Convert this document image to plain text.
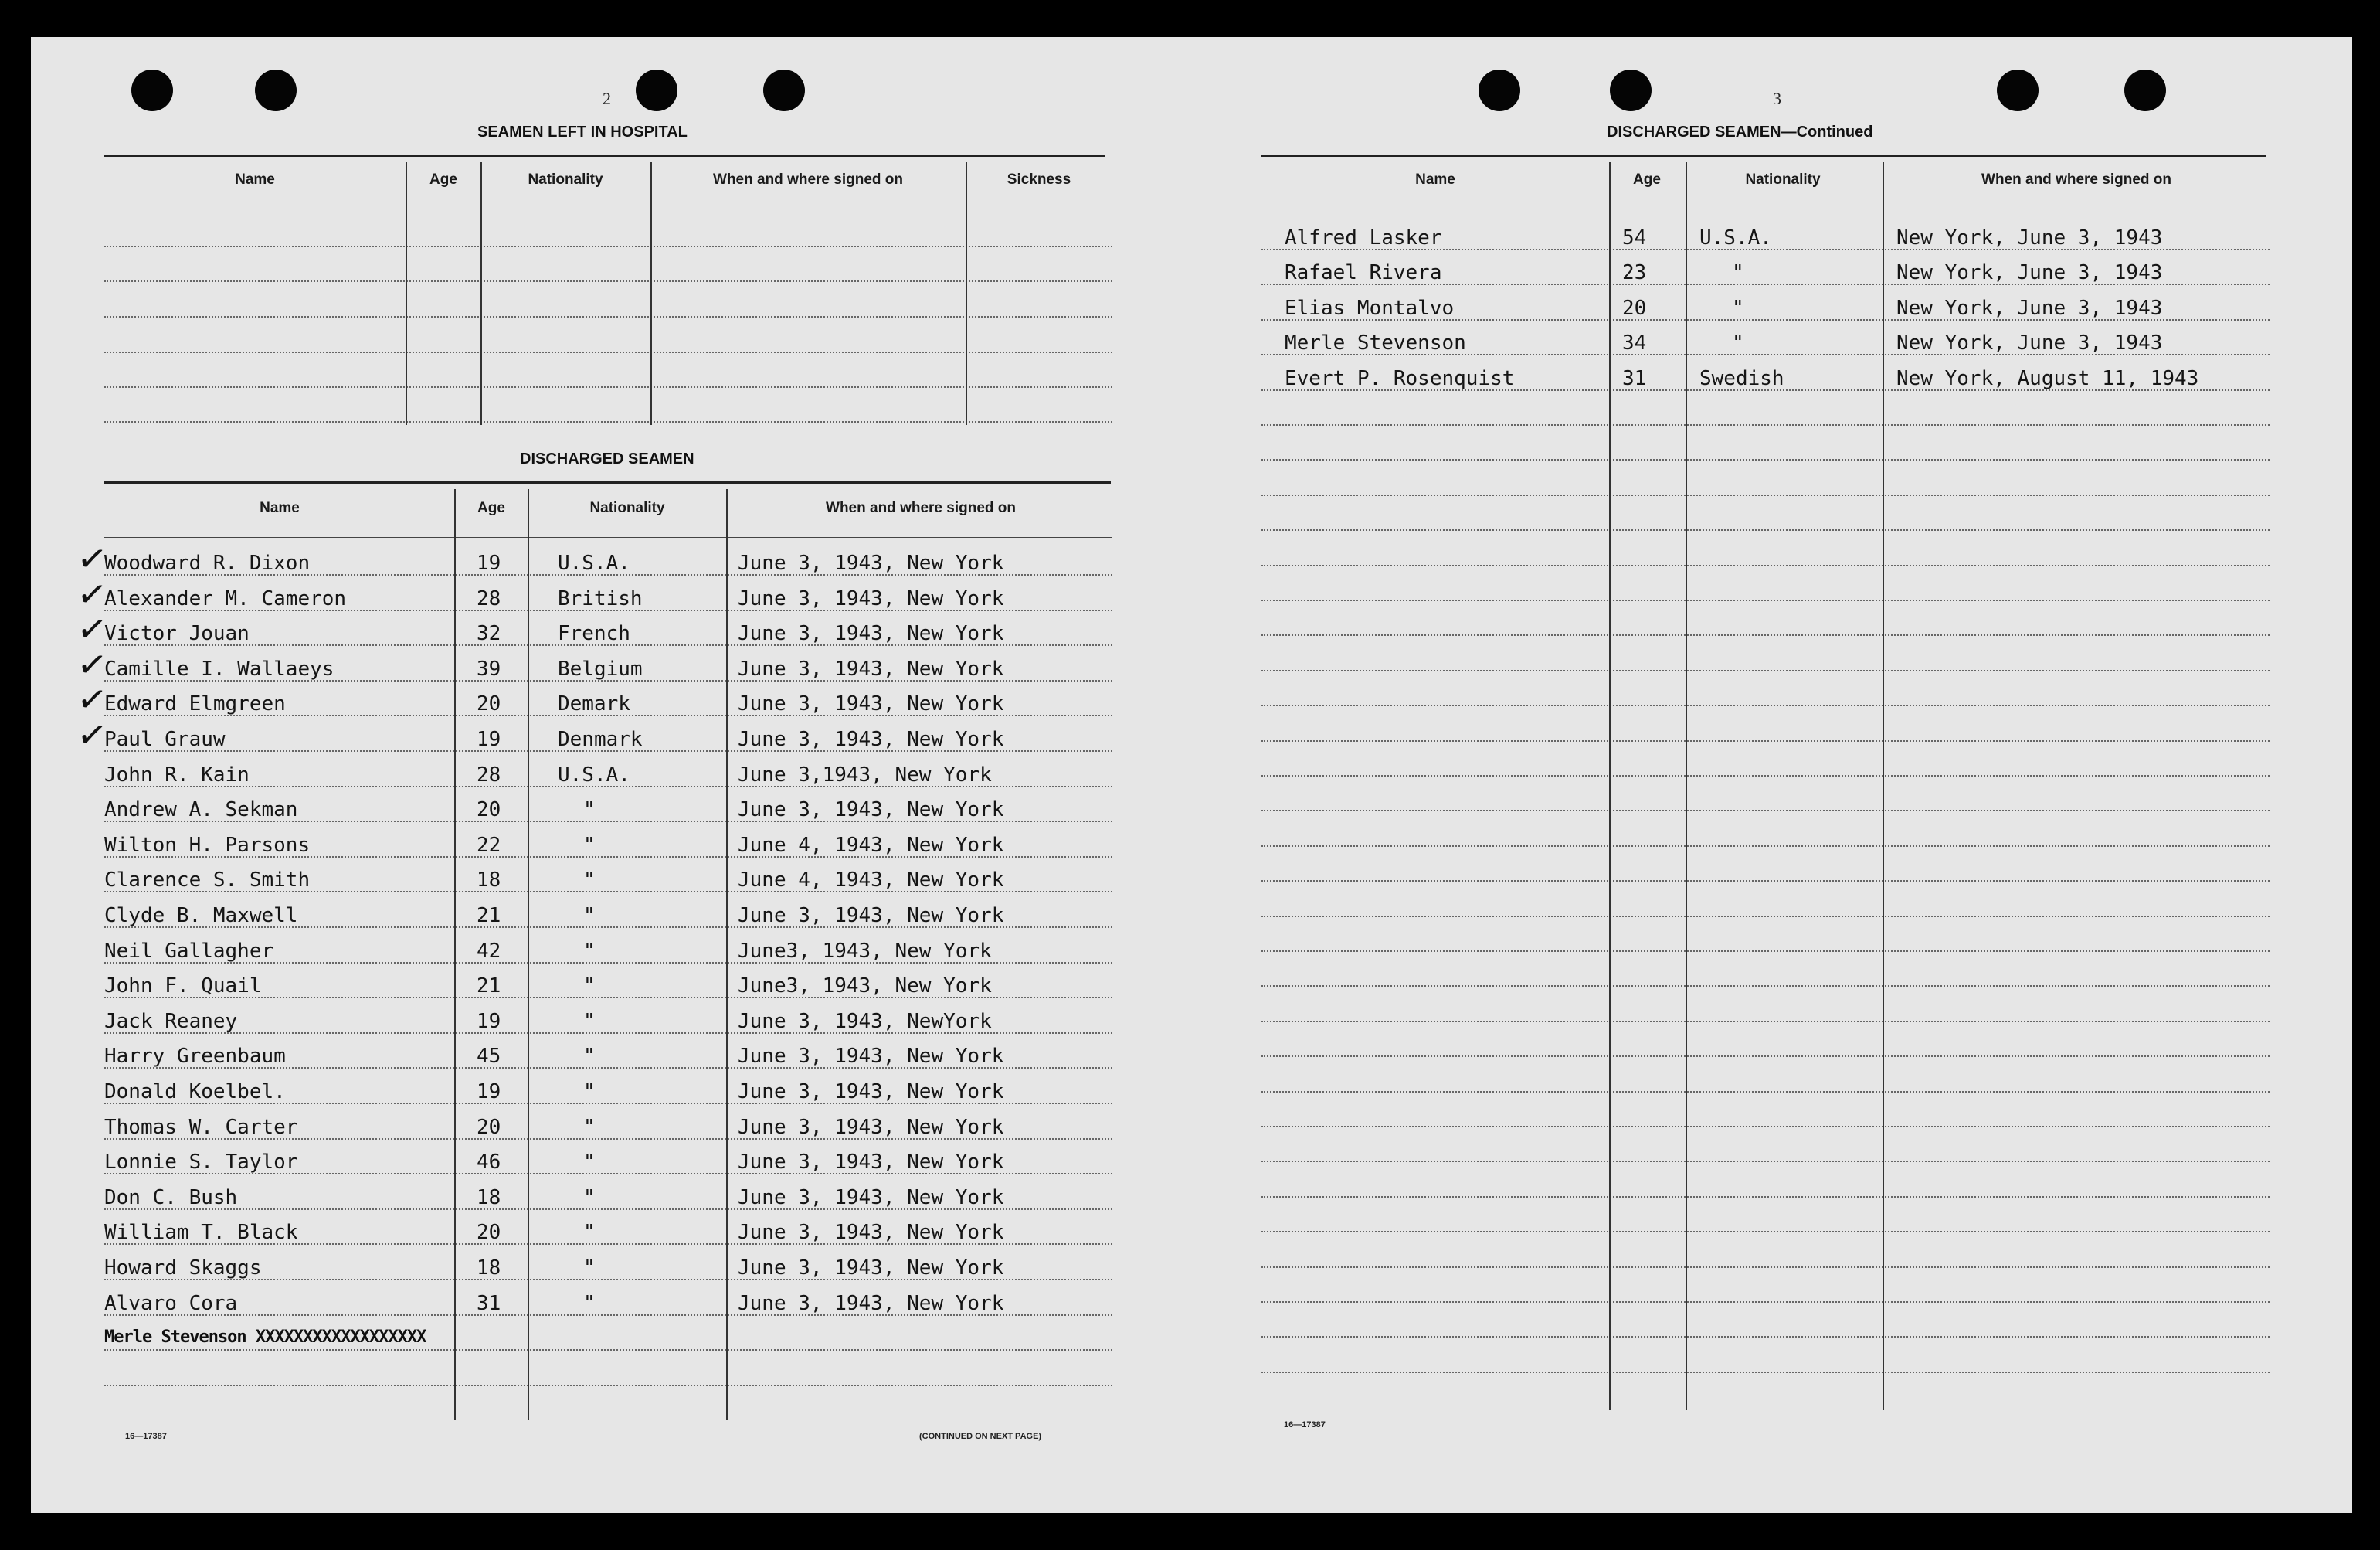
2
SEAMEN LEFT IN HOSPITAL
Name	Age	Nationality	When and where signed on	Sickness
DISCHARGED SEAMEN
Name	Age	Nationality	When and where signed on
Woodward R. Dixon	19	U.S.A.	June 3, 1943, New York
✓
Alexander M. Cameron	28	British	June 3, 1943, New York
✓
Victor Jouan	32	French	June 3, 1943, New York
✓
Camille I. Wallaeys	39	Belgium	June 3, 1943, New York
✓
Edward Elmgreen	20	Demark	June 3, 1943, New York
✓
Paul Grauw	19	Denmark	June 3, 1943, New York
✓
John R. Kain	28	U.S.A.	June 3,1943, New York
Andrew A. Sekman	20	"	June 3, 1943, New York
Wilton H. Parsons	22	"	June 4, 1943, New York
Clarence S. Smith	18	"	June 4, 1943, New York
Clyde B. Maxwell	21	"	June 3, 1943, New York
Neil Gallagher	42	"	June3, 1943, New York
John F. Quail	21	"	June3, 1943, New York
Jack Reaney	19	"	June 3, 1943, NewYork
Harry Greenbaum	45	"	June 3, 1943, New York
Donald Koelbel.	19	"	June 3, 1943, New York
Thomas W. Carter	20	"	June 3, 1943, New York
Lonnie S. Taylor	46	"	June 3, 1943, New York
Don C. Bush	18	"	June 3, 1943, New York
William T. Black	20	"	June 3, 1943, New York
Howard Skaggs	18	"	June 3, 1943, New York
Alvaro Cora	31	"	June 3, 1943, New York
Merle Stevenson XXXXXXXXXXXXXXXXXX
16—17387	(CONTINUED ON NEXT PAGE)
3
DISCHARGED SEAMEN—Continued
Name	Age	Nationality	When and where signed on
Alfred Lasker	54	U.S.A.	New York, June 3, 1943
Rafael Rivera	23	"	New York, June 3, 1943
Elias Montalvo	20	"	New York, June 3, 1943
Merle Stevenson	34	"	New York, June 3, 1943
Evert P. Rosenquist	31	Swedish	New York, August 11, 1943
16—17387
